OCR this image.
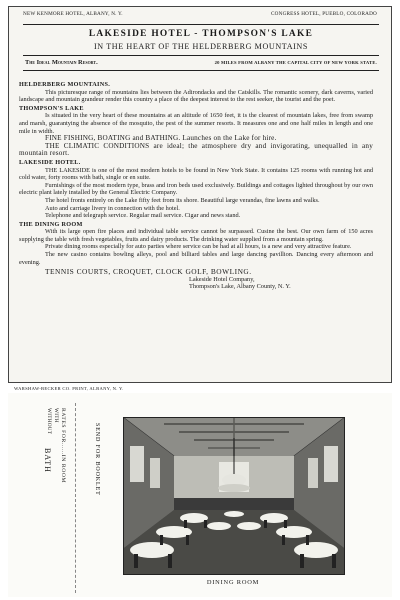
NEW KENMORE HOTEL, ALBANY, N. Y.	CONGRESS HOTEL, PUEBLO, COLORADO
LAKESIDE HOTEL - THOMPSON'S LAKE
IN THE HEART OF THE HELDERBERG MOUNTAINS
The Ideal Mountain Resort.	20 MILES FROM ALBANY THE CAPITAL CITY OF NEW YORK STATE.

HELDERBERG MOUNTAINS.

This picturesque range of mountains lies between the Adirondacks and the Catskills. The romantic scenery, dark caverns, varied landscape and mountain grandeur render this country a place of the deepest interest to the rest seeker, the tourist and the poet.

THOMPSON'S LAKE

Is situated in the very heart of these mountains at an altitude of 1650 feet, it is the clearest of mountain lakes, free from swamp and marsh, guarantying the absence of the mosquito, the pest of the summer resorts. It measures one and one half miles in length and one mile in width.

FINE FISHING, BOATING and BATHING. Launches on the Lake for hire.

THE CLIMATIC CONDITIONS are ideal; the atmosphere dry and invigorating, unequalled in any mountain resort.

LAKESIDE HOTEL.

THE LAKESIDE is one of the most modern hotels to be found in New York State. It contains 125 rooms with running hot and cold water, forty rooms with bath, single or en suite.

Furnishings of the most modern type, brass and iron beds used exclusively. Buildings and cottages lighted throughout by our own electric plant lately installed by the General Electric Company.

The hotel fronts entirely on the Lake fifty feet from its shore. Beautiful large verandas, fine lawns and walks.

Auto and carriage livery in connection with the hotel.

Telephone and telegraph service. Regular mail service. Cigar and news stand.

THE DINING ROOM

With its large open fire places and individual table service cannot be surpassed. Cusine the best. Our own farm of 150 acres supplying the table with fresh vegetables, fruits and dairy products. The drinking water supplied from a mountain spring.

Private dining rooms especially for auto parties where service can be had at all hours, is a new and very attractive feature.

The new casino contains bowling alleys, pool and billiard tables and large dancing pavillion. Dancing every afternoon and evening.

TENNIS COURTS, CROQUET, CLOCK GOLF, BOWLING.

Lakeside Hotel Company,

Thompson's Lake, Albany County, N. Y.

WARSHAW-BECKER CO. PRINT, ALBANY, N. Y.
RATES FOR......IN ROOM
WITH
WITHOUT
BATH	SEND FOR BOOKLET
DINING ROOM
